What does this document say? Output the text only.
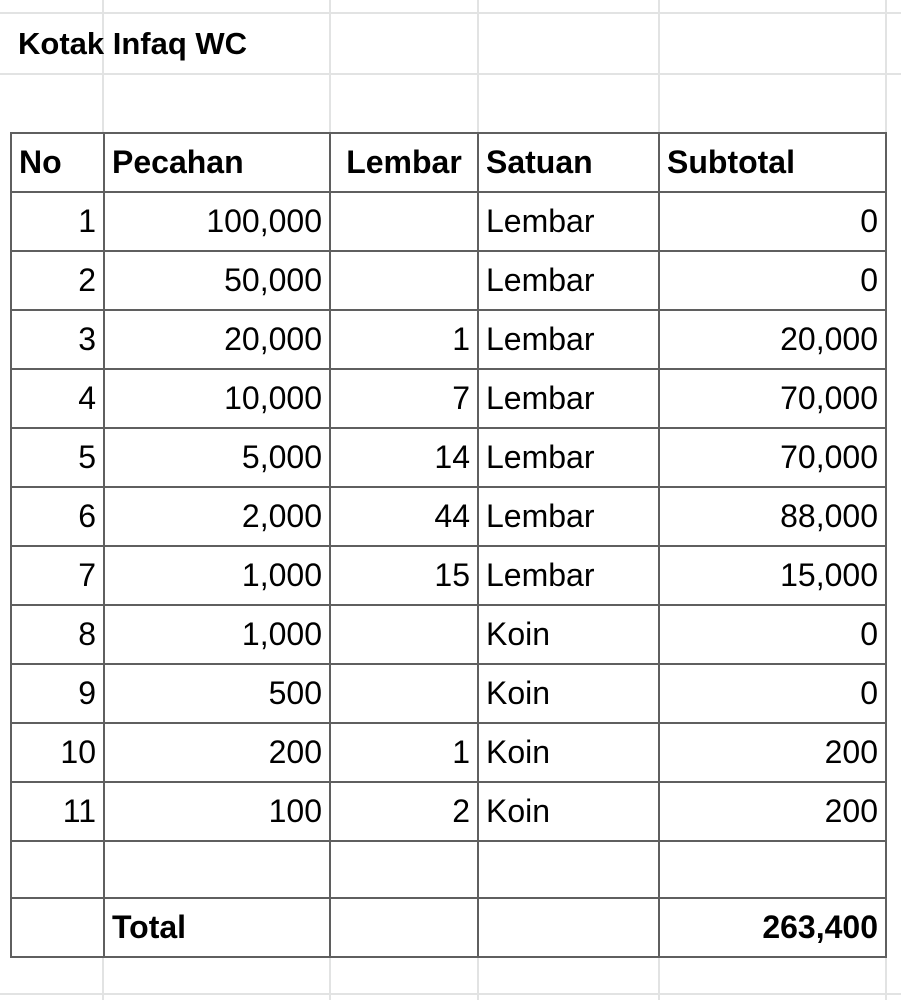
Kotak Infaq WC
No	Pecahan	Lembar	Satuan	Subtotal
1	100,000		Lembar	0
2	50,000		Lembar	0
3	20,000	1	Lembar	20,000
4	10,000	7	Lembar	70,000
5	5,000	14	Lembar	70,000
6	2,000	44	Lembar	88,000
7	1,000	15	Lembar	15,000
8	1,000		Koin	0
9	500		Koin	0
10	200	1	Koin	200
11	100	2	Koin	200

	Total			263,400
